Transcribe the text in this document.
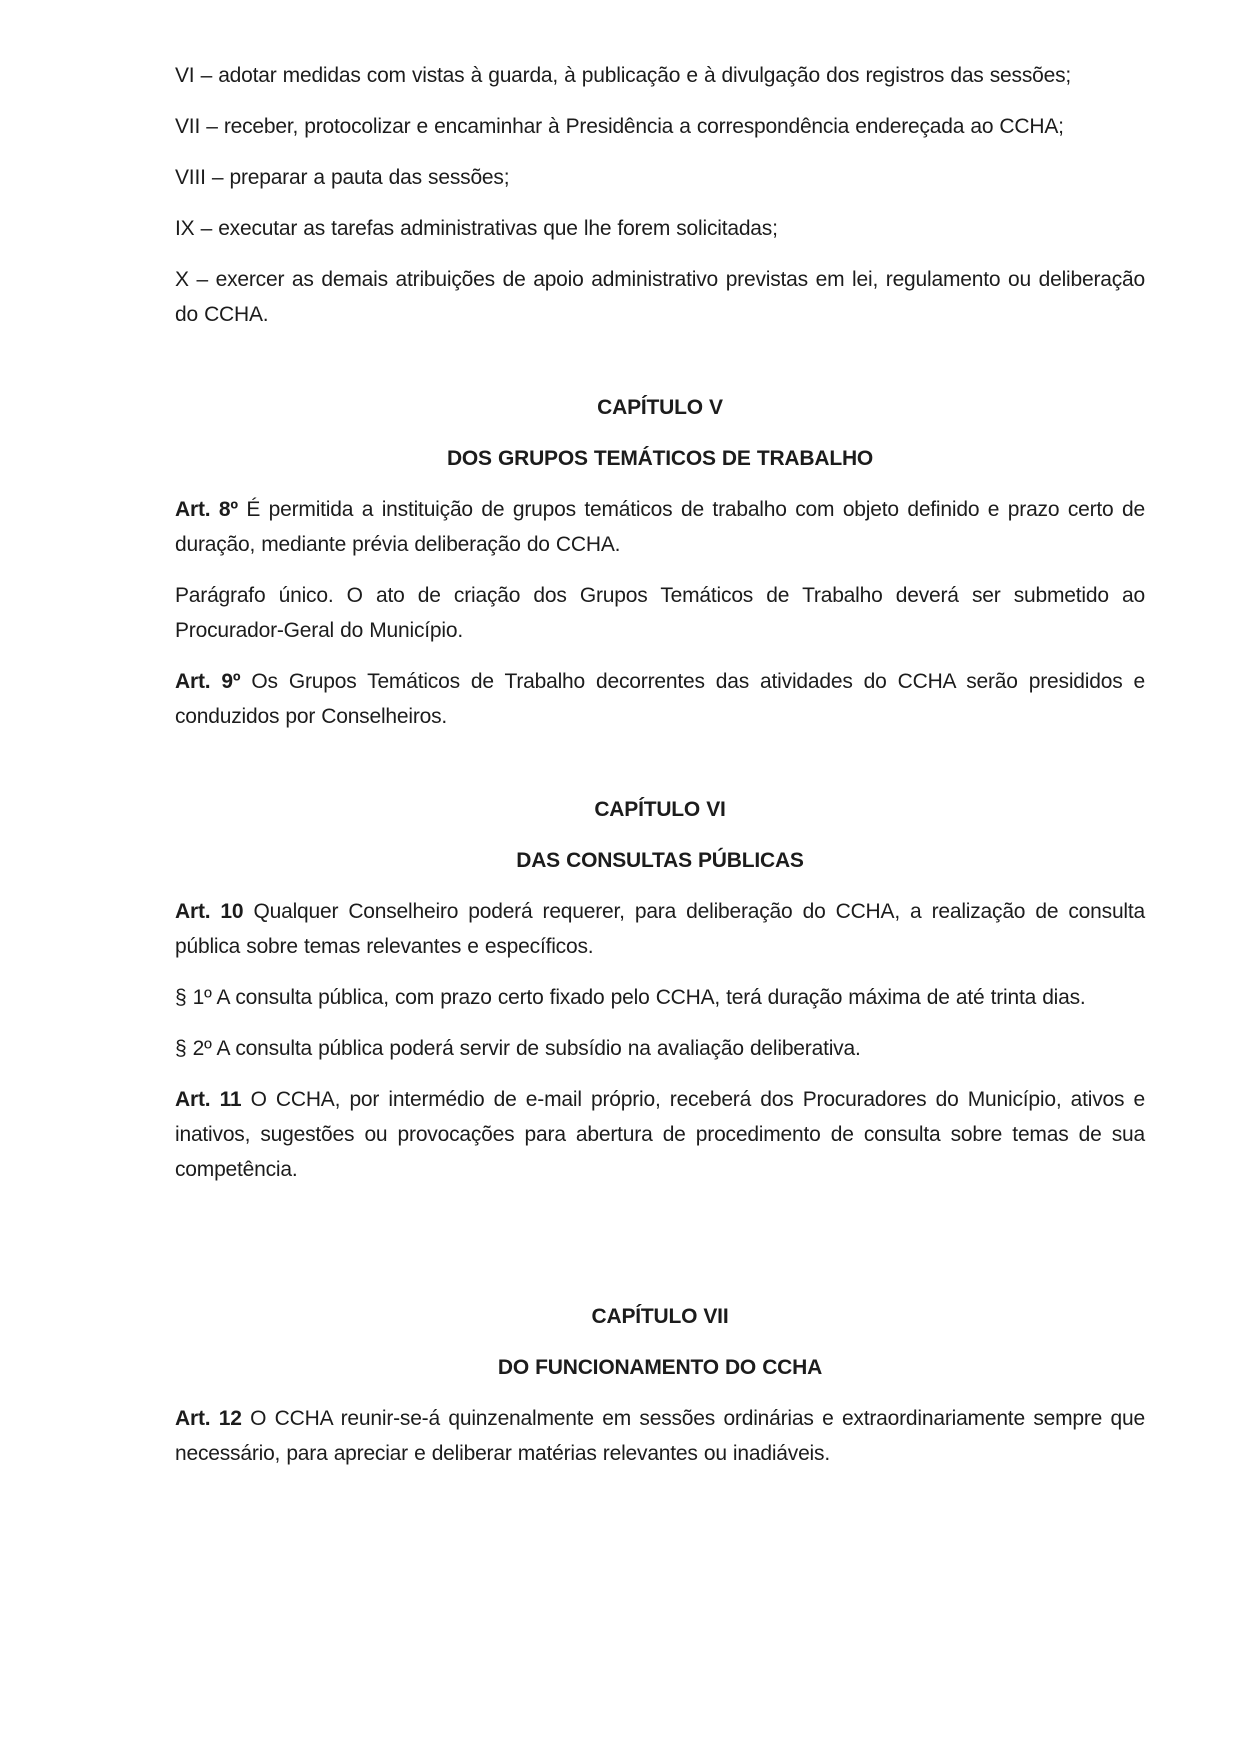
VI – adotar medidas com vistas à guarda, à publicação e à divulgação dos registros das sessões;

VII – receber, protocolizar e encaminhar à Presidência a correspondência endereçada ao CCHA;

VIII – preparar a pauta das sessões;

IX – executar as tarefas administrativas que lhe forem solicitadas;

X – exercer as demais atribuições de apoio administrativo previstas em lei, regulamento ou deliberação do CCHA.

CAPÍTULO V

DOS GRUPOS TEMÁTICOS DE TRABALHO

Art. 8º É permitida a instituição de grupos temáticos de trabalho com objeto definido e prazo certo de duração, mediante prévia deliberação do CCHA.

Parágrafo único. O ato de criação dos Grupos Temáticos de Trabalho deverá ser submetido ao Procurador-Geral do Município.

Art. 9º Os Grupos Temáticos de Trabalho decorrentes das atividades do CCHA serão presididos e conduzidos por Conselheiros.

CAPÍTULO VI

DAS CONSULTAS PÚBLICAS

Art. 10 Qualquer Conselheiro poderá requerer, para deliberação do CCHA, a realização de consulta pública sobre temas relevantes e específicos.

§ 1º A consulta pública, com prazo certo fixado pelo CCHA, terá duração máxima de até trinta dias.

§ 2º A consulta pública poderá servir de subsídio na avaliação deliberativa.

Art. 11 O CCHA, por intermédio de e-mail próprio, receberá dos Procuradores do Município, ativos e inativos, sugestões ou provocações para abertura de procedimento de consulta sobre temas de sua competência.

CAPÍTULO VII

DO FUNCIONAMENTO DO CCHA

Art. 12 O CCHA reunir-se-á quinzenalmente em sessões ordinárias e extraordinariamente sempre que necessário, para apreciar e deliberar matérias relevantes ou inadiáveis.
